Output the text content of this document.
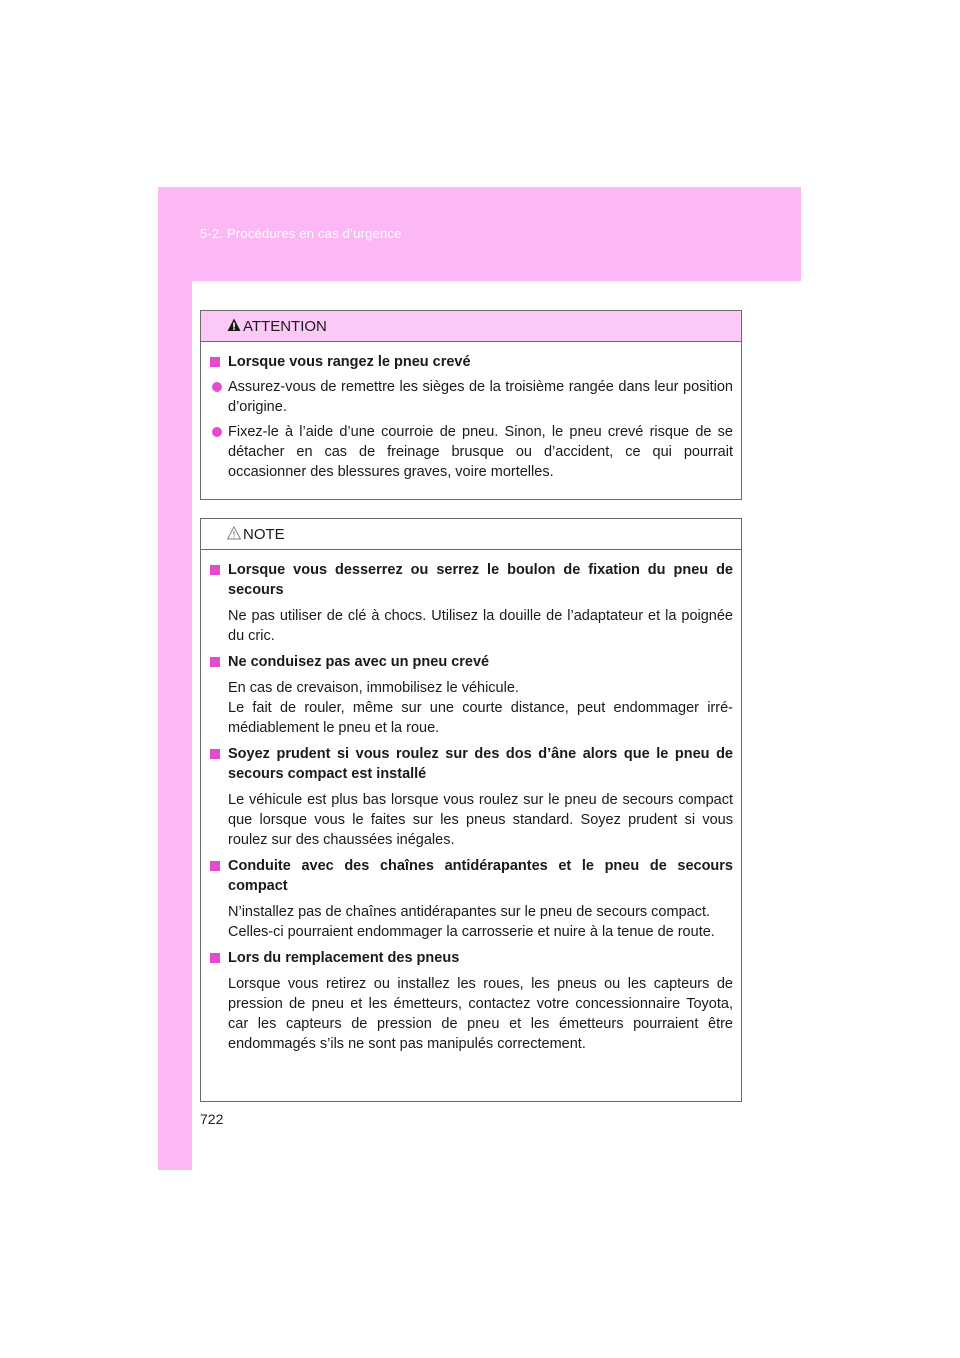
5-2. Procédures en cas d’urgence
ATTENTION
Lorsque vous rangez le pneu crevé
Assurez-vous de remettre les sièges de la troisième rangée dans leur position d’origine.
Fixez-le à l’aide d’une courroie de pneu. Sinon, le pneu crevé risque de se détacher en cas de freinage brusque ou d’accident, ce qui pourrait occasionner des blessures graves, voire mortelles.
NOTE
Lorsque vous desserrez ou serrez le boulon de fixation du pneu de secours
Ne pas utiliser de clé à chocs. Utilisez la douille de l’adaptateur et la poignée du cric.
Ne conduisez pas avec un pneu crevé
En cas de crevaison, immobilisez le véhicule.
Le fait de rouler, même sur une courte distance, peut endommager irrémédiablement le pneu et la roue.
Soyez prudent si vous roulez sur des dos d’âne alors que le pneu de secours compact est installé
Le véhicule est plus bas lorsque vous roulez sur le pneu de secours compact que lorsque vous le faites sur les pneus standard. Soyez prudent si vous roulez sur des chaussées inégales.
Conduite avec des chaînes antidérapantes et le pneu de secours compact
N’installez pas de chaînes antidérapantes sur le pneu de secours compact.
Celles-ci pourraient endommager la carrosserie et nuire à la tenue de route.
Lors du remplacement des pneus
Lorsque vous retirez ou installez les roues, les pneus ou les capteurs de pression de pneu et les émetteurs, contactez votre concessionnaire Toyota, car les capteurs de pression de pneu et les émetteurs pourraient être endommagés s’ils ne sont pas manipulés correctement.
722
